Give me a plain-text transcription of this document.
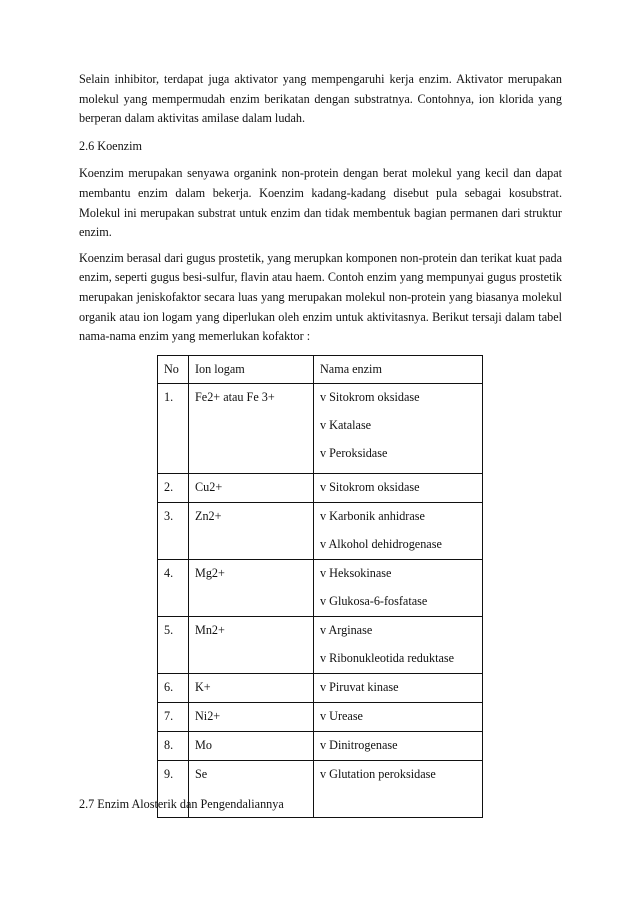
Selain inhibitor, terdapat juga aktivator yang mempengaruhi kerja enzim. Aktivator merupakan molekul yang mempermudah enzim berikatan dengan substratnya. Contohnya, ion klorida yang berperan dalam aktivitas amilase dalam ludah.

2.6 Koenzim

Koenzim merupakan senyawa organink non-protein dengan berat molekul yang kecil dan dapat membantu enzim dalam bekerja. Koenzim kadang-kadang disebut pula sebagai kosubstrat. Molekul ini merupakan substrat untuk enzim dan tidak membentuk bagian permanen dari struktur enzim.

Koenzim berasal dari gugus prostetik, yang merupkan komponen non-protein dan terikat kuat pada enzim, seperti gugus besi-sulfur, flavin atau haem. Contoh enzim yang mempunyai gugus prostetik merupakan jeniskofaktor secara luas yang merupakan molekul non-protein yang biasanya molekul organik atau ion logam yang diperlukan oleh enzim untuk aktivitasnya. Berikut tersaji dalam tabel nama-nama enzim yang memerlukan kofaktor :

No	Ion logam	Nama enzim
1.	Fe2+ atau Fe 3+	v Sitokrom oksidase
v Katalase
v Peroksidase

2.	Cu2+	v Sitokrom oksidase

3.	Zn2+	v Karbonik anhidrase
v Alkohol dehidrogenase

4.	Mg2+	v Heksokinase
v Glukosa-6-fosfatase

5.	Mn2+	v Arginase
v Ribonukleotida reduktase

6.	K+	v Piruvat kinase

7.	Ni2+	v Urease

8.	Mo	v Dinitrogenase

9.	Se	v Glutation peroksidase
2.7 Enzim Alosterik dan Pengendaliannya
